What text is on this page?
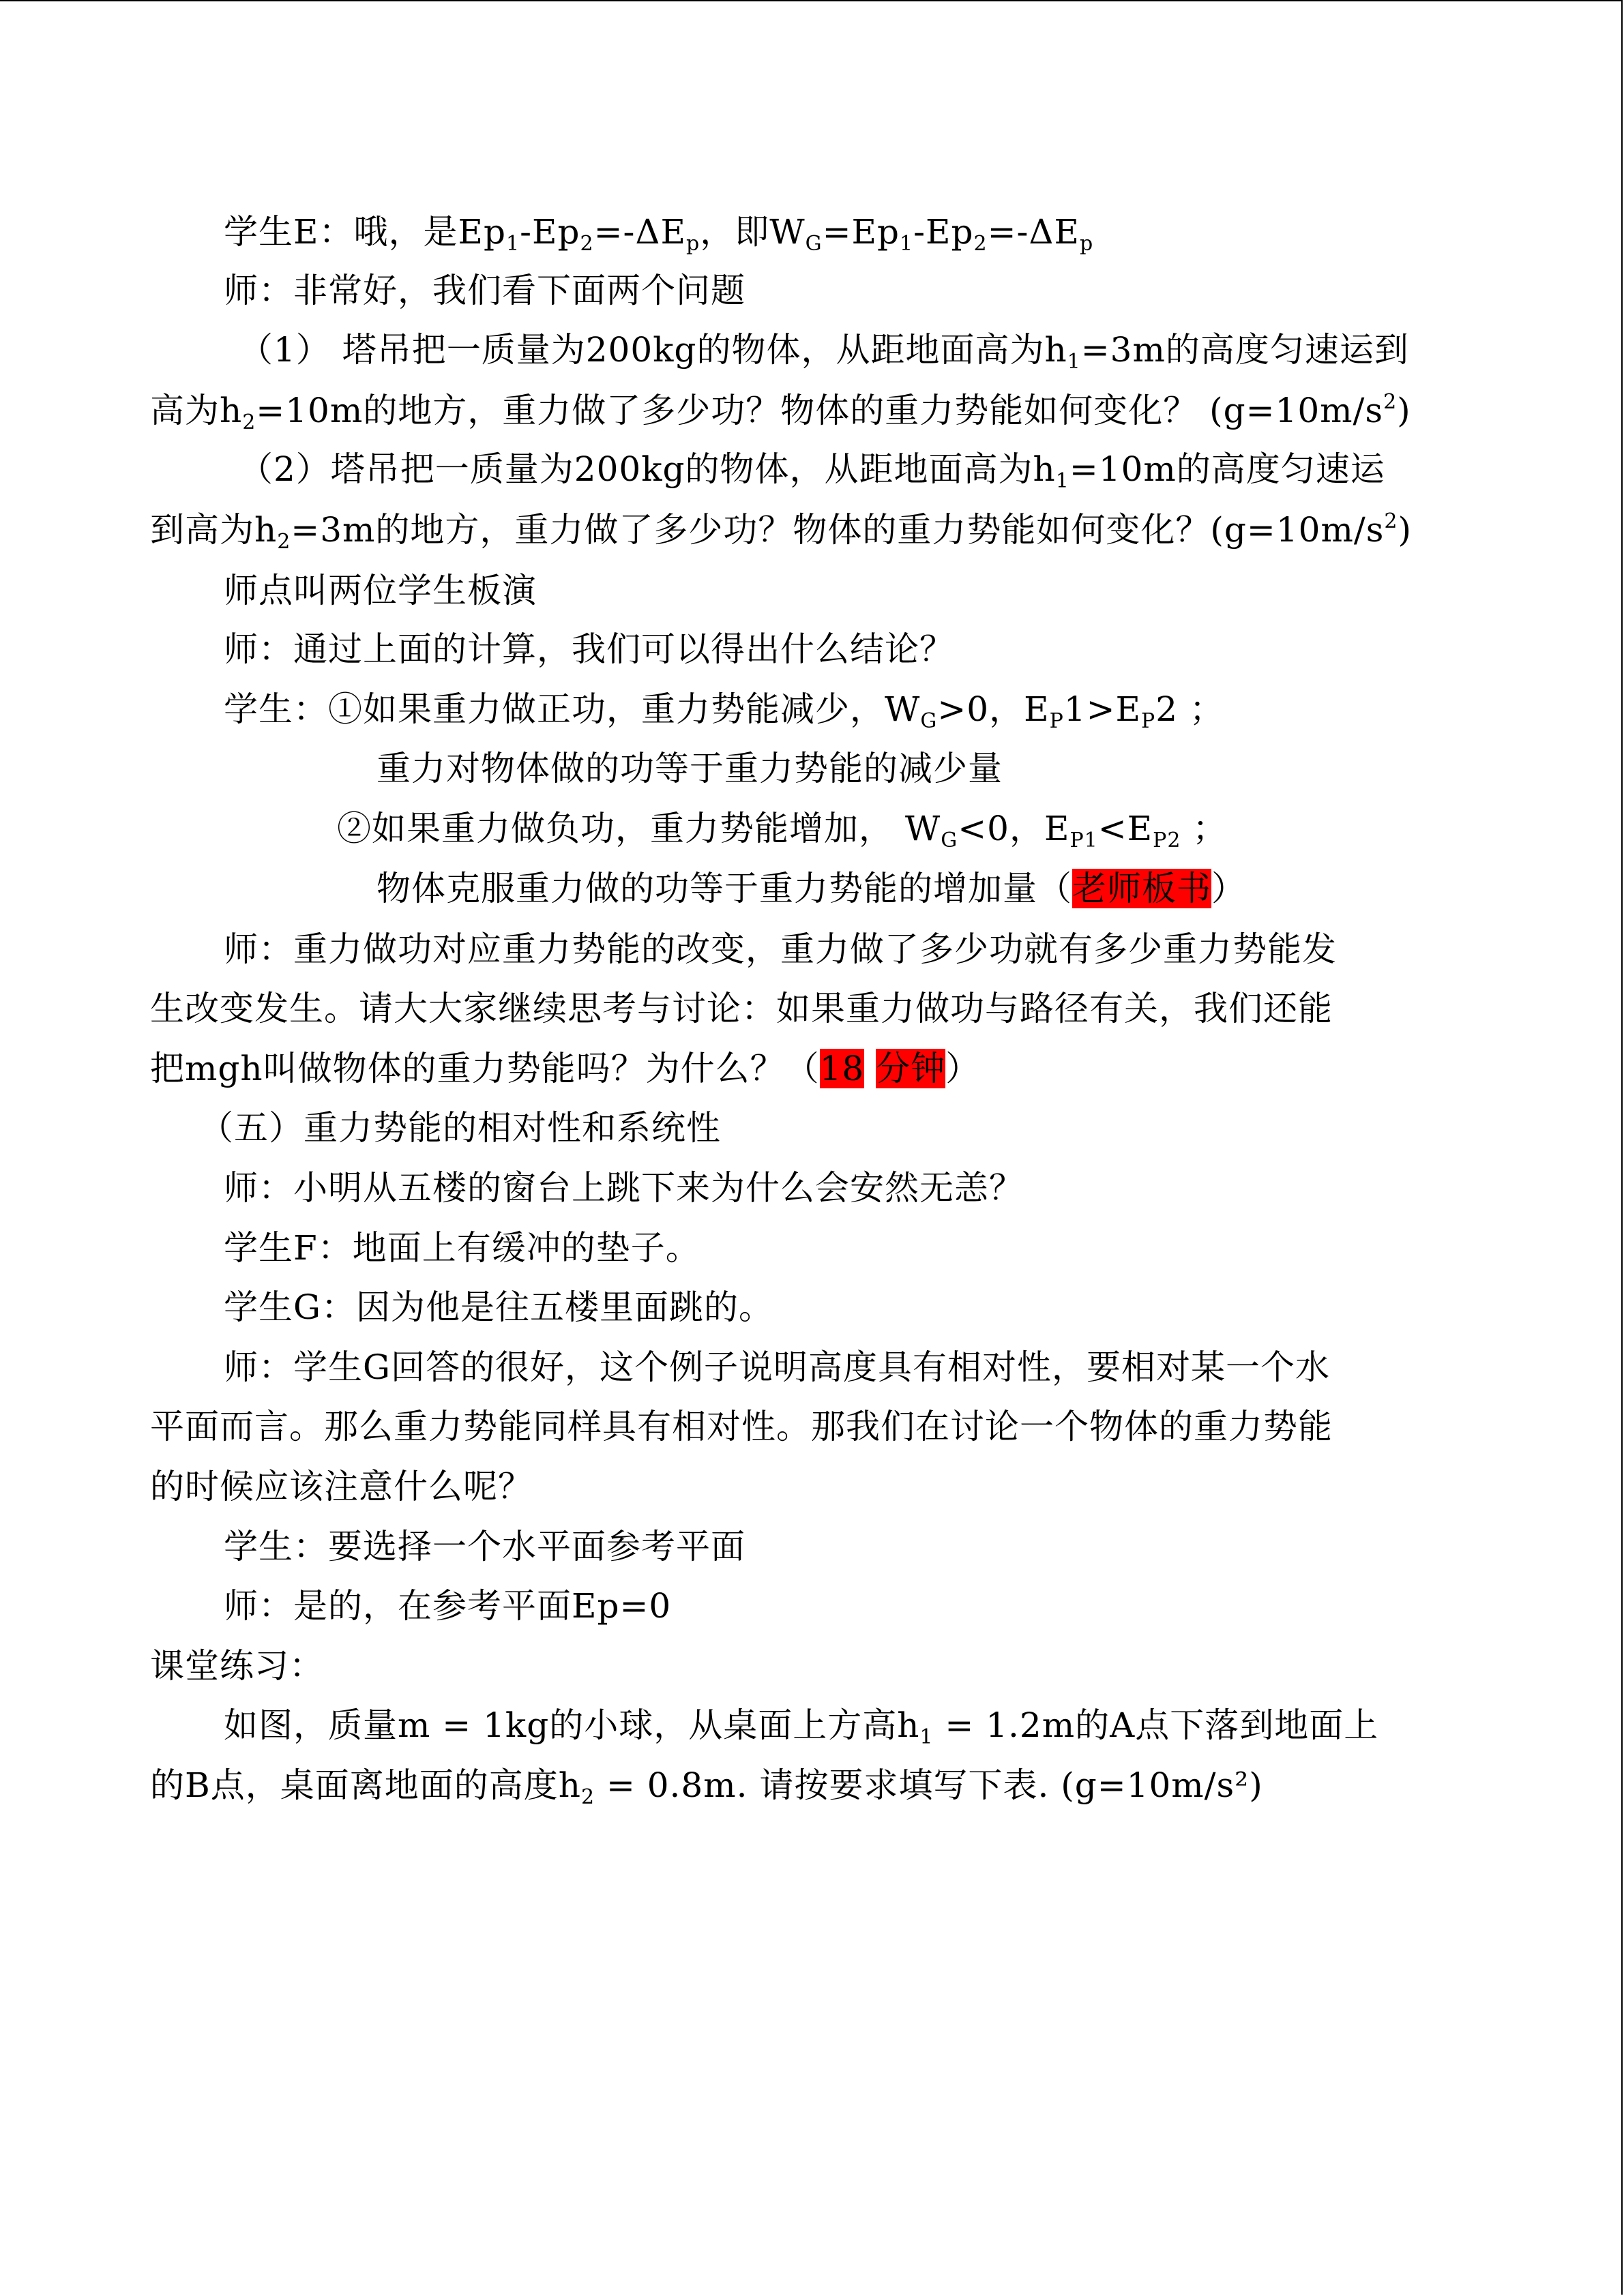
学生E：哦，是$Ep_1-Ep_2=-\Delta E_p$，即$W_G=Ep_1-Ep_2=-\Delta E_p$
师：非常好，我们看下面两个问题
（1） 塔吊把一质量为200kg的物体，从距地面高为$h_1=3m$的高度匀速运到
高为$h_2=10m$的地方，重力做了多少功？物体的重力势能如何变化？ $(g=10m/s^2)$
（2）塔吊把一质量为200kg的物体，从距地面高为$h_1=10m$的高度匀速运
到高为$h_2=3m$的地方，重力做了多少功？物体的重力势能如何变化？$(g=10m/s^2)$
师点叫两位学生板演
师：通过上面的计算，我们可以得出什么结论？
学生：①如果重力做正功，重力势能减少，$W_G>0$，$E_P1>E_P2$ ；
重力对物体做的功等于重力势能的减少量
②如果重力做负功，重力势能增加， $W_G<0$，$E_{P1}<E_{P2}$ ；
物体克服重力做的功等于重力势能的增加量（老师板书）
师：重力做功对应重力势能的改变，重力做了多少功就有多少重力势能发
生改变发生。请大大家继续思考与讨论：如果重力做功与路径有关，我们还能
把mgh叫做物体的重力势能吗？为什么？（18 分钟）
（五）重力势能的相对性和系统性
师：小明从五楼的窗台上跳下来为什么会安然无恙？
学生F：地面上有缓冲的垫子。
学生G：因为他是往五楼里面跳的。
师：学生G回答的很好，这个例子说明高度具有相对性，要相对某一个水
平面而言。那么重力势能同样具有相对性。那我们在讨论一个物体的重力势能
的时候应该注意什么呢？
学生：要选择一个水平面参考平面
师：是的，在参考平面Ep=0
课堂练习：
如图，质量m = 1kg的小球，从桌面上方高$h_1 = 1.2m$的A点下落到地面上
的B点，桌面离地面的高度$h_2 = 0.8m$. 请按要求填写下表. (g=10m/s²)
